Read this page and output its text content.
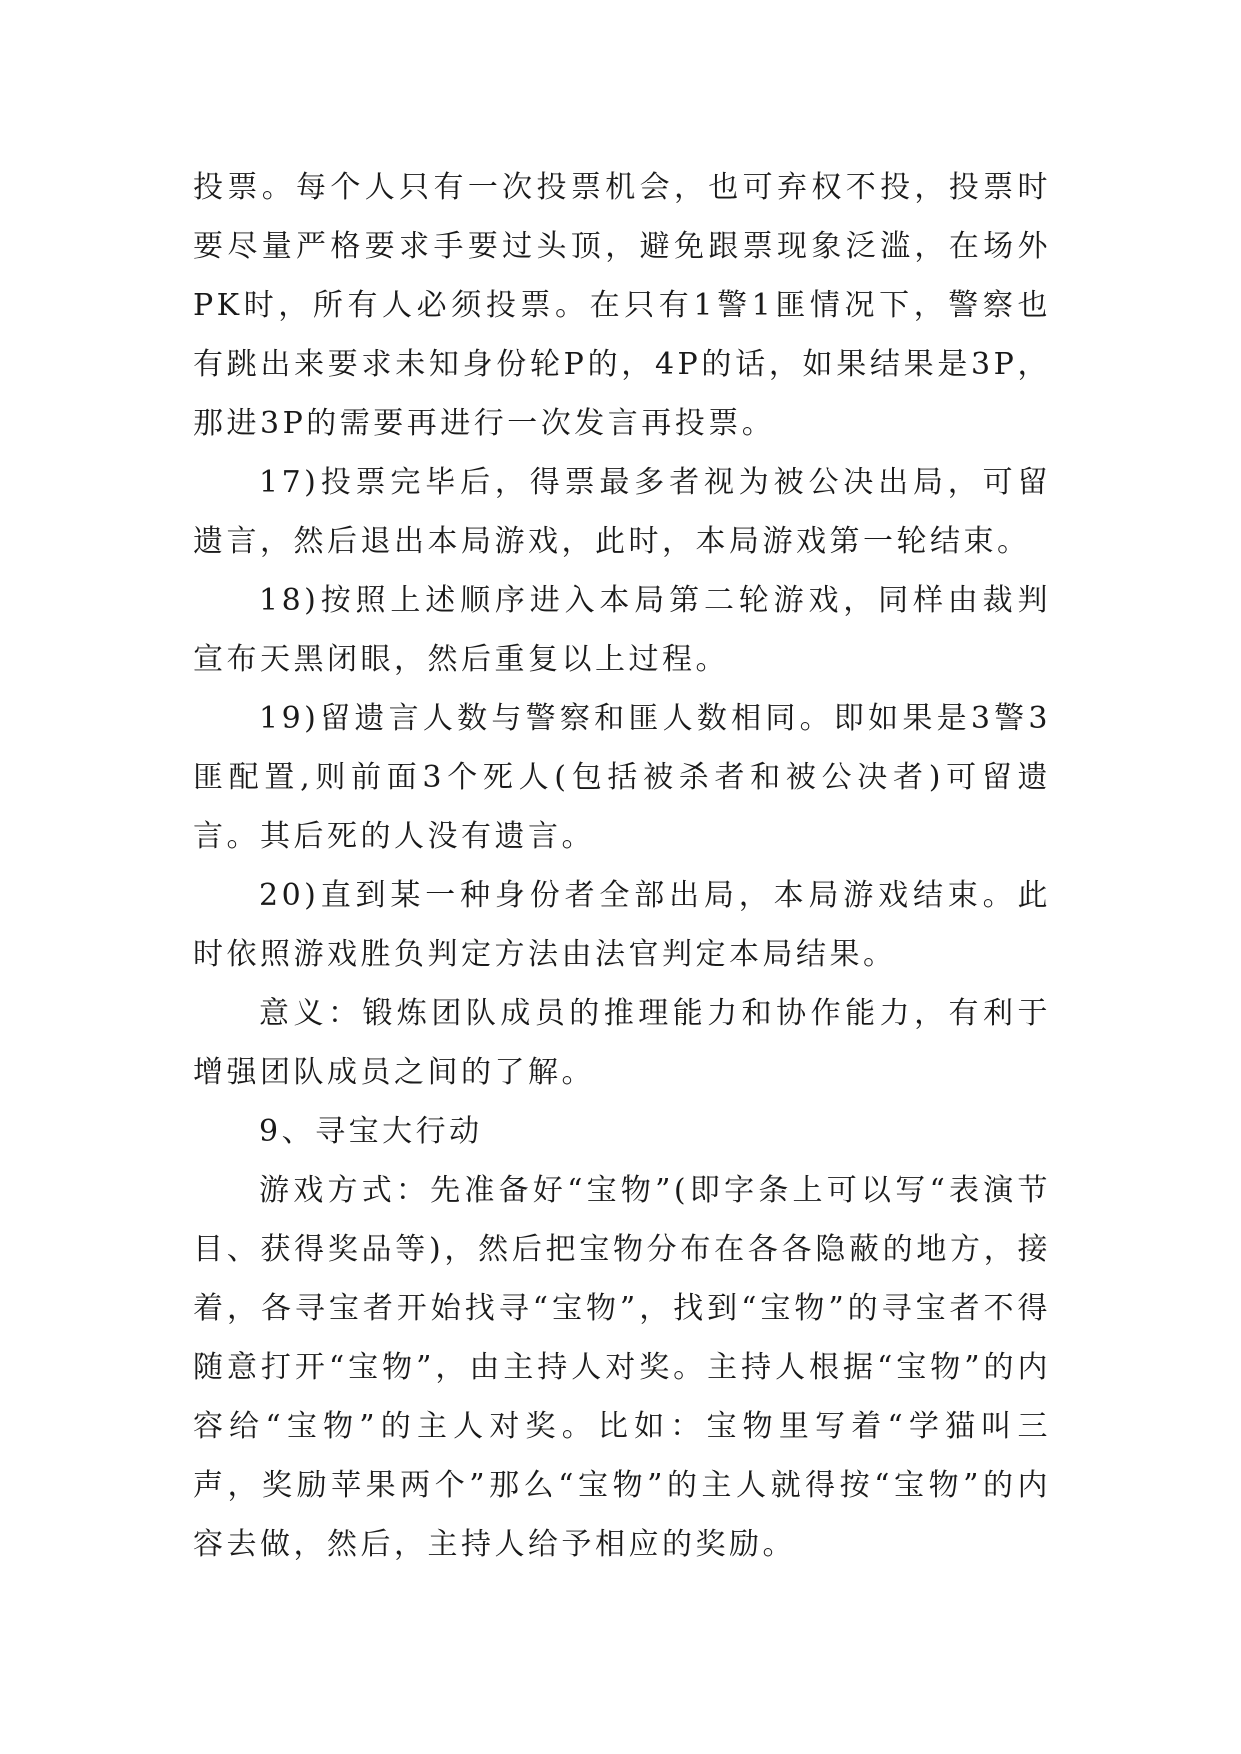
投票。每个人只有一次投票机会，也可弃权不投，投票时要尽量严格要求手要过头顶，避免跟票现象泛滥，在场外PK时，所有人必须投票。在只有1警1匪情况下，警察也有跳出来要求未知身份轮P的，4P的话，如果结果是3P，那进3P的需要再进行一次发言再投票。

17)投票完毕后，得票最多者视为被公决出局，可留遗言，然后退出本局游戏，此时，本局游戏第一轮结束。

18)按照上述顺序进入本局第二轮游戏，同样由裁判宣布天黑闭眼，然后重复以上过程。

19)留遗言人数与警察和匪人数相同。即如果是3警3匪配置,则前面3个死人(包括被杀者和被公决者)可留遗言。其后死的人没有遗言。

20)直到某一种身份者全部出局，本局游戏结束。此时依照游戏胜负判定方法由法官判定本局结果。

意义：锻炼团队成员的推理能力和协作能力，有利于增强团队成员之间的了解。

9、寻宝大行动

游戏方式：先准备好“宝物”(即字条上可以写“表演节目、获得奖品等)，然后把宝物分布在各各隐蔽的地方，接着，各寻宝者开始找寻“宝物”，找到“宝物”的寻宝者不得随意打开“宝物”，由主持人对奖。主持人根据“宝物”的内容给“宝物”的主人对奖。比如：宝物里写着“学猫叫三声，奖励苹果两个”那么“宝物”的主人就得按“宝物”的内容去做，然后，主持人给予相应的奖励。
